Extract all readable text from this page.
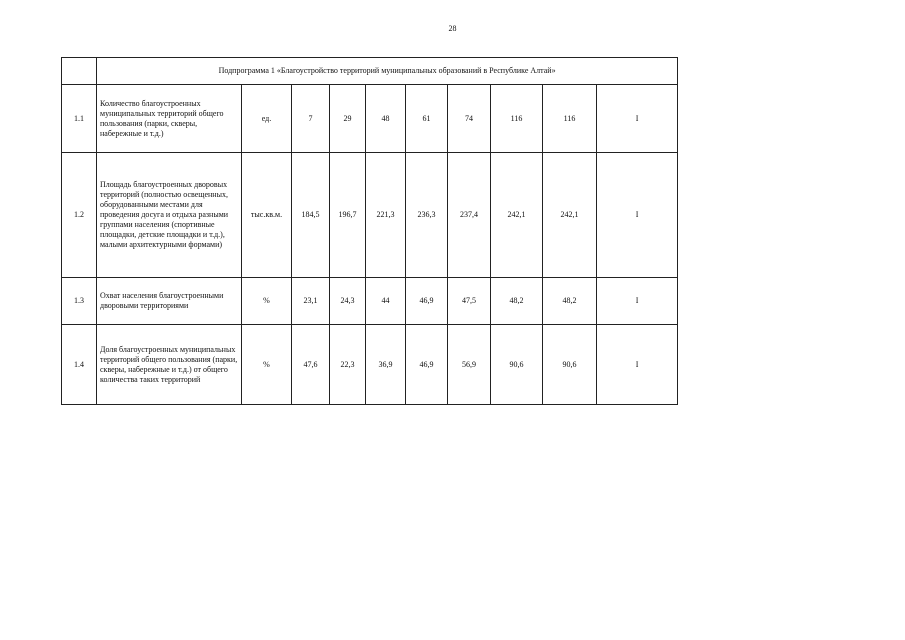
28
	Подпрограмма 1 «Благоустройство территорий муниципальных образований в Республике Алтай»									
1.1	Количество благоустроенных муниципальных территорий общего пользования (парки, скверы, набережные и т.д.)	ед.	7	29	48	61	74	116	116	I
1.2	Площадь благоустроенных дворовых территорий (полностью освещенных, оборудованными местами для проведения досуга и отдыха разными группами населения (спортивные площадки, детские площадки и т.д.), малыми архитектурными формами)	тыс.кв.м.	184,5	196,7	221,3	236,3	237,4	242,1	242,1	I
1.3	Охват населения благоустроенными дворовыми территориями	%	23,1	24,3	44	46,9	47,5	48,2	48,2	I
1.4	Доля благоустроенных муниципальных территорий общего пользования (парки, скверы, набережные и т.д.) от общего количества таких территорий	%	47,6	22,3	36,9	46,9	56,9	90,6	90,6	I
